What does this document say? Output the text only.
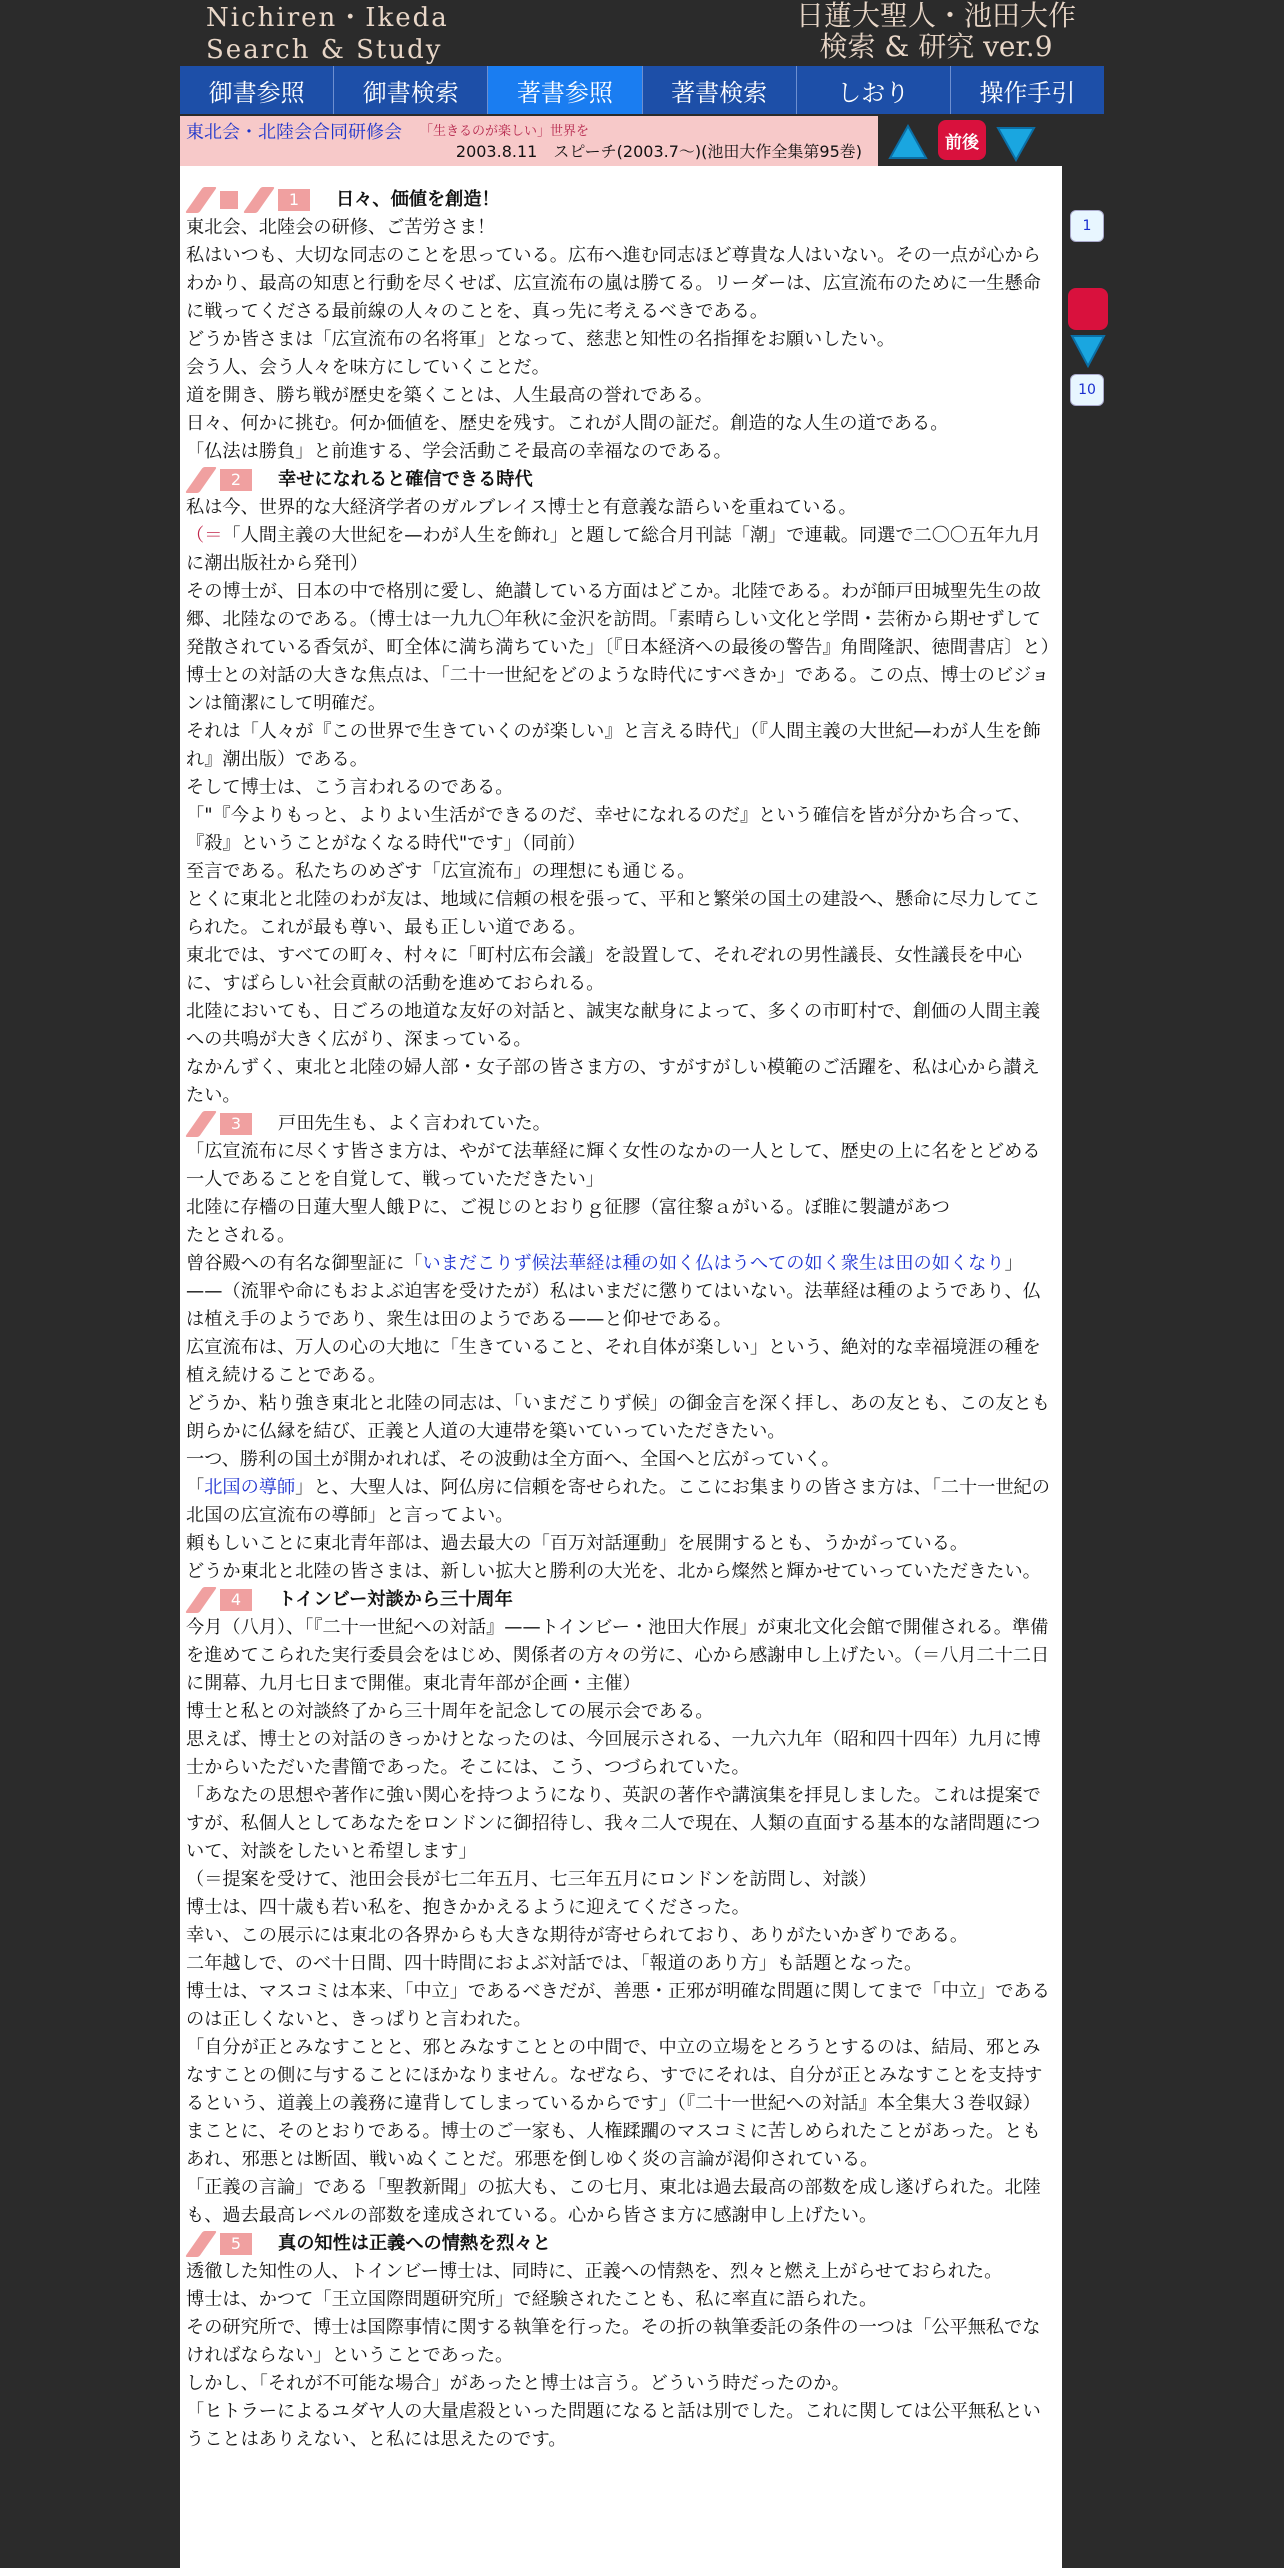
Nichiren・Ikeda
Search & Study
日蓮大聖人・池田大作
検索 & 研究 ver.9
御書参照	御書検索	著書参照	著書検索	しおり	操作手引
東北会・北陸会合同研修会 「生きるのが楽しい」世界を
2003.8.11　スピーチ(2003.7〜)(池田大作全集第95巻)	前後
1
10
1	日々、価値を創造！

東北会、北陸会の研修、ご苦労さま！

私はいつも、大切な同志のことを思っている。広布へ進む同志ほど尊貴な人はいない。その一点が心からわかり、最高の知恵と行動を尽くせば、広宣流布の嵐は勝てる。リーダーは、広宣流布のために一生懸命に戦ってくださる最前線の人々のことを、真っ先に考えるべきである。

どうか皆さまは「広宣流布の名将軍」となって、慈悲と知性の名指揮をお願いしたい。

会う人、会う人々を味方にしていくことだ。

道を開き、勝ち戦が歴史を築くことは、人生最高の誉れである。

日々、何かに挑む。何か価値を、歴史を残す。これが人間の証だ。創造的な人生の道である。

「仏法は勝負」と前進する、学会活動こそ最高の幸福なのである。

2	幸せになれると確信できる時代

私は今、世界的な大経済学者のガルブレイス博士と有意義な語らいを重ねている。

（＝「人間主義の大世紀を—わが人生を飾れ」と題して総合月刊誌「潮」で連載。同選で二〇〇五年九月に潮出版社から発刊）

その博士が、日本の中で格別に愛し、絶讃している方面はどこか。北陸である。わが師戸田城聖先生の故郷、北陸なのである。（博士は一九九〇年秋に金沢を訪問。「素晴らしい文化と学問・芸術から期せずして発散されている香気が、町全体に満ち満ちていた」〔『日本経済への最後の警告』角間隆訳、徳間書店〕と）

博士との対話の大きな焦点は、「二十一世紀をどのような時代にすべきか」である。この点、博士のビジョンは簡潔にして明確だ。

それは「人々が『この世界で生きていくのが楽しい』と言える時代」（『人間主義の大世紀—わが人生を飾れ』潮出版）である。

そして博士は、こう言われるのである。

「"『今よりもっと、よりよい生活ができるのだ、幸せになれるのだ』という確信を皆が分かち合って、『殺』ということがなくなる時代"です」（同前）

至言である。私たちのめざす「広宣流布」の理想にも通じる。

とくに東北と北陸のわが友は、地域に信頼の根を張って、平和と繁栄の国土の建設へ、懸命に尽力してこられた。これが最も尊い、最も正しい道である。

東北では、すべての町々、村々に「町村広布会議」を設置して、それぞれの男性議長、女性議長を中心に、すばらしい社会貢献の活動を進めておられる。

北陸においても、日ごろの地道な友好の対話と、誠実な献身によって、多くの市町村で、創価の人間主義への共鳴が大きく広がり、深まっている。

なかんずく、東北と北陸の婦人部・女子部の皆さま方の、すがすがしい模範のご活躍を、私は心から讃えたい。

3	戸田先生も、よく言われていた。

「広宣流布に尽くす皆さま方は、やがて法華経に輝く女性のなかの一人として、歴史の上に名をとどめる一人であることを自覚して、戦っていただきたい」

北陸に存檣の日蓮大聖人餓Ｐに、ご視じのとおりｇ征膠（富往黎ａがいる。ぼ睢に製譴があつ

たとされる。

曾谷殿への有名な御聖証に「いまだこりず候法華経は種の如く仏はうへての如く衆生は田の如くなり」——（流罪や命にもおよぶ迫害を受けたが）私はいまだに懲りてはいない。法華経は種のようであり、仏は植え手のようであり、衆生は田のようである——と仰せである。

広宣流布は、万人の心の大地に「生きていること、それ自体が楽しい」という、絶対的な幸福境涯の種を植え続けることである。

どうか、粘り強き東北と北陸の同志は、「いまだこりず候」の御金言を深く拝し、あの友とも、この友とも朗らかに仏縁を結び、正義と人道の大連帯を築いていっていただきたい。

一つ、勝利の国土が開かれれば、その波動は全方面へ、全国へと広がっていく。

「北国の導師」と、大聖人は、阿仏房に信頼を寄せられた。ここにお集まりの皆さま方は、「二十一世紀の北国の広宣流布の導師」と言ってよい。

頼もしいことに東北青年部は、過去最大の「百万対話運動」を展開するとも、うかがっている。

どうか東北と北陸の皆さまは、新しい拡大と勝利の大光を、北から燦然と輝かせていっていただきたい。

4	トインビー対談から三十周年

今月（八月）、「『二十一世紀への対話』——トインビー・池田大作展」が東北文化会館で開催される。準備を進めてこられた実行委員会をはじめ、関係者の方々の労に、心から感謝申し上げたい。（＝八月二十二日に開幕、九月七日まで開催。東北青年部が企画・主催）

博士と私との対談終了から三十周年を記念しての展示会である。

思えば、博士との対話のきっかけとなったのは、今回展示される、一九六九年（昭和四十四年）九月に博士からいただいた書簡であった。そこには、こう、つづられていた。

「あなたの思想や著作に強い関心を持つようになり、英訳の著作や講演集を拝見しました。これは提案ですが、私個人としてあなたをロンドンに御招待し、我々二人で現在、人類の直面する基本的な諸問題について、対談をしたいと希望します」

（＝提案を受けて、池田会長が七二年五月、七三年五月にロンドンを訪問し、対談）

博士は、四十歳も若い私を、抱きかかえるように迎えてくださった。

幸い、この展示には東北の各界からも大きな期待が寄せられており、ありがたいかぎりである。

二年越しで、のべ十日間、四十時間におよぶ対話では、「報道のあり方」も話題となった。

博士は、マスコミは本来、「中立」であるべきだが、善悪・正邪が明確な問題に関してまで「中立」であるのは正しくないと、きっぱりと言われた。

「自分が正とみなすことと、邪とみなすこととの中間で、中立の立場をとろうとするのは、結局、邪とみなすことの側に与することにほかなりません。なぜなら、すでにそれは、自分が正とみなすことを支持するという、道義上の義務に違背してしまっているからです」（『二十一世紀への対話』本全集大３巻収録）

まことに、そのとおりである。博士のご一家も、人権蹂躙のマスコミに苦しめられたことがあった。ともあれ、邪悪とは断固、戦いぬくことだ。邪悪を倒しゆく炎の言論が渇仰されている。

「正義の言論」である「聖教新聞」の拡大も、この七月、東北は過去最高の部数を成し遂げられた。北陸も、過去最高レベルの部数を達成されている。心から皆さま方に感謝申し上げたい。

5	真の知性は正義への情熱を烈々と

透徹した知性の人、トインビー博士は、同時に、正義への情熱を、烈々と燃え上がらせておられた。

博士は、かつて「王立国際問題研究所」で経験されたことも、私に率直に語られた。

その研究所で、博士は国際事情に関する執筆を行った。その折の執筆委託の条件の一つは「公平無私でなければならない」ということであった。

しかし、「それが不可能な場合」があったと博士は言う。どういう時だったのか。

「ヒトラーによるユダヤ人の大量虐殺といった問題になると話は別でした。これに関しては公平無私ということはありえない、と私には思えたのです。
